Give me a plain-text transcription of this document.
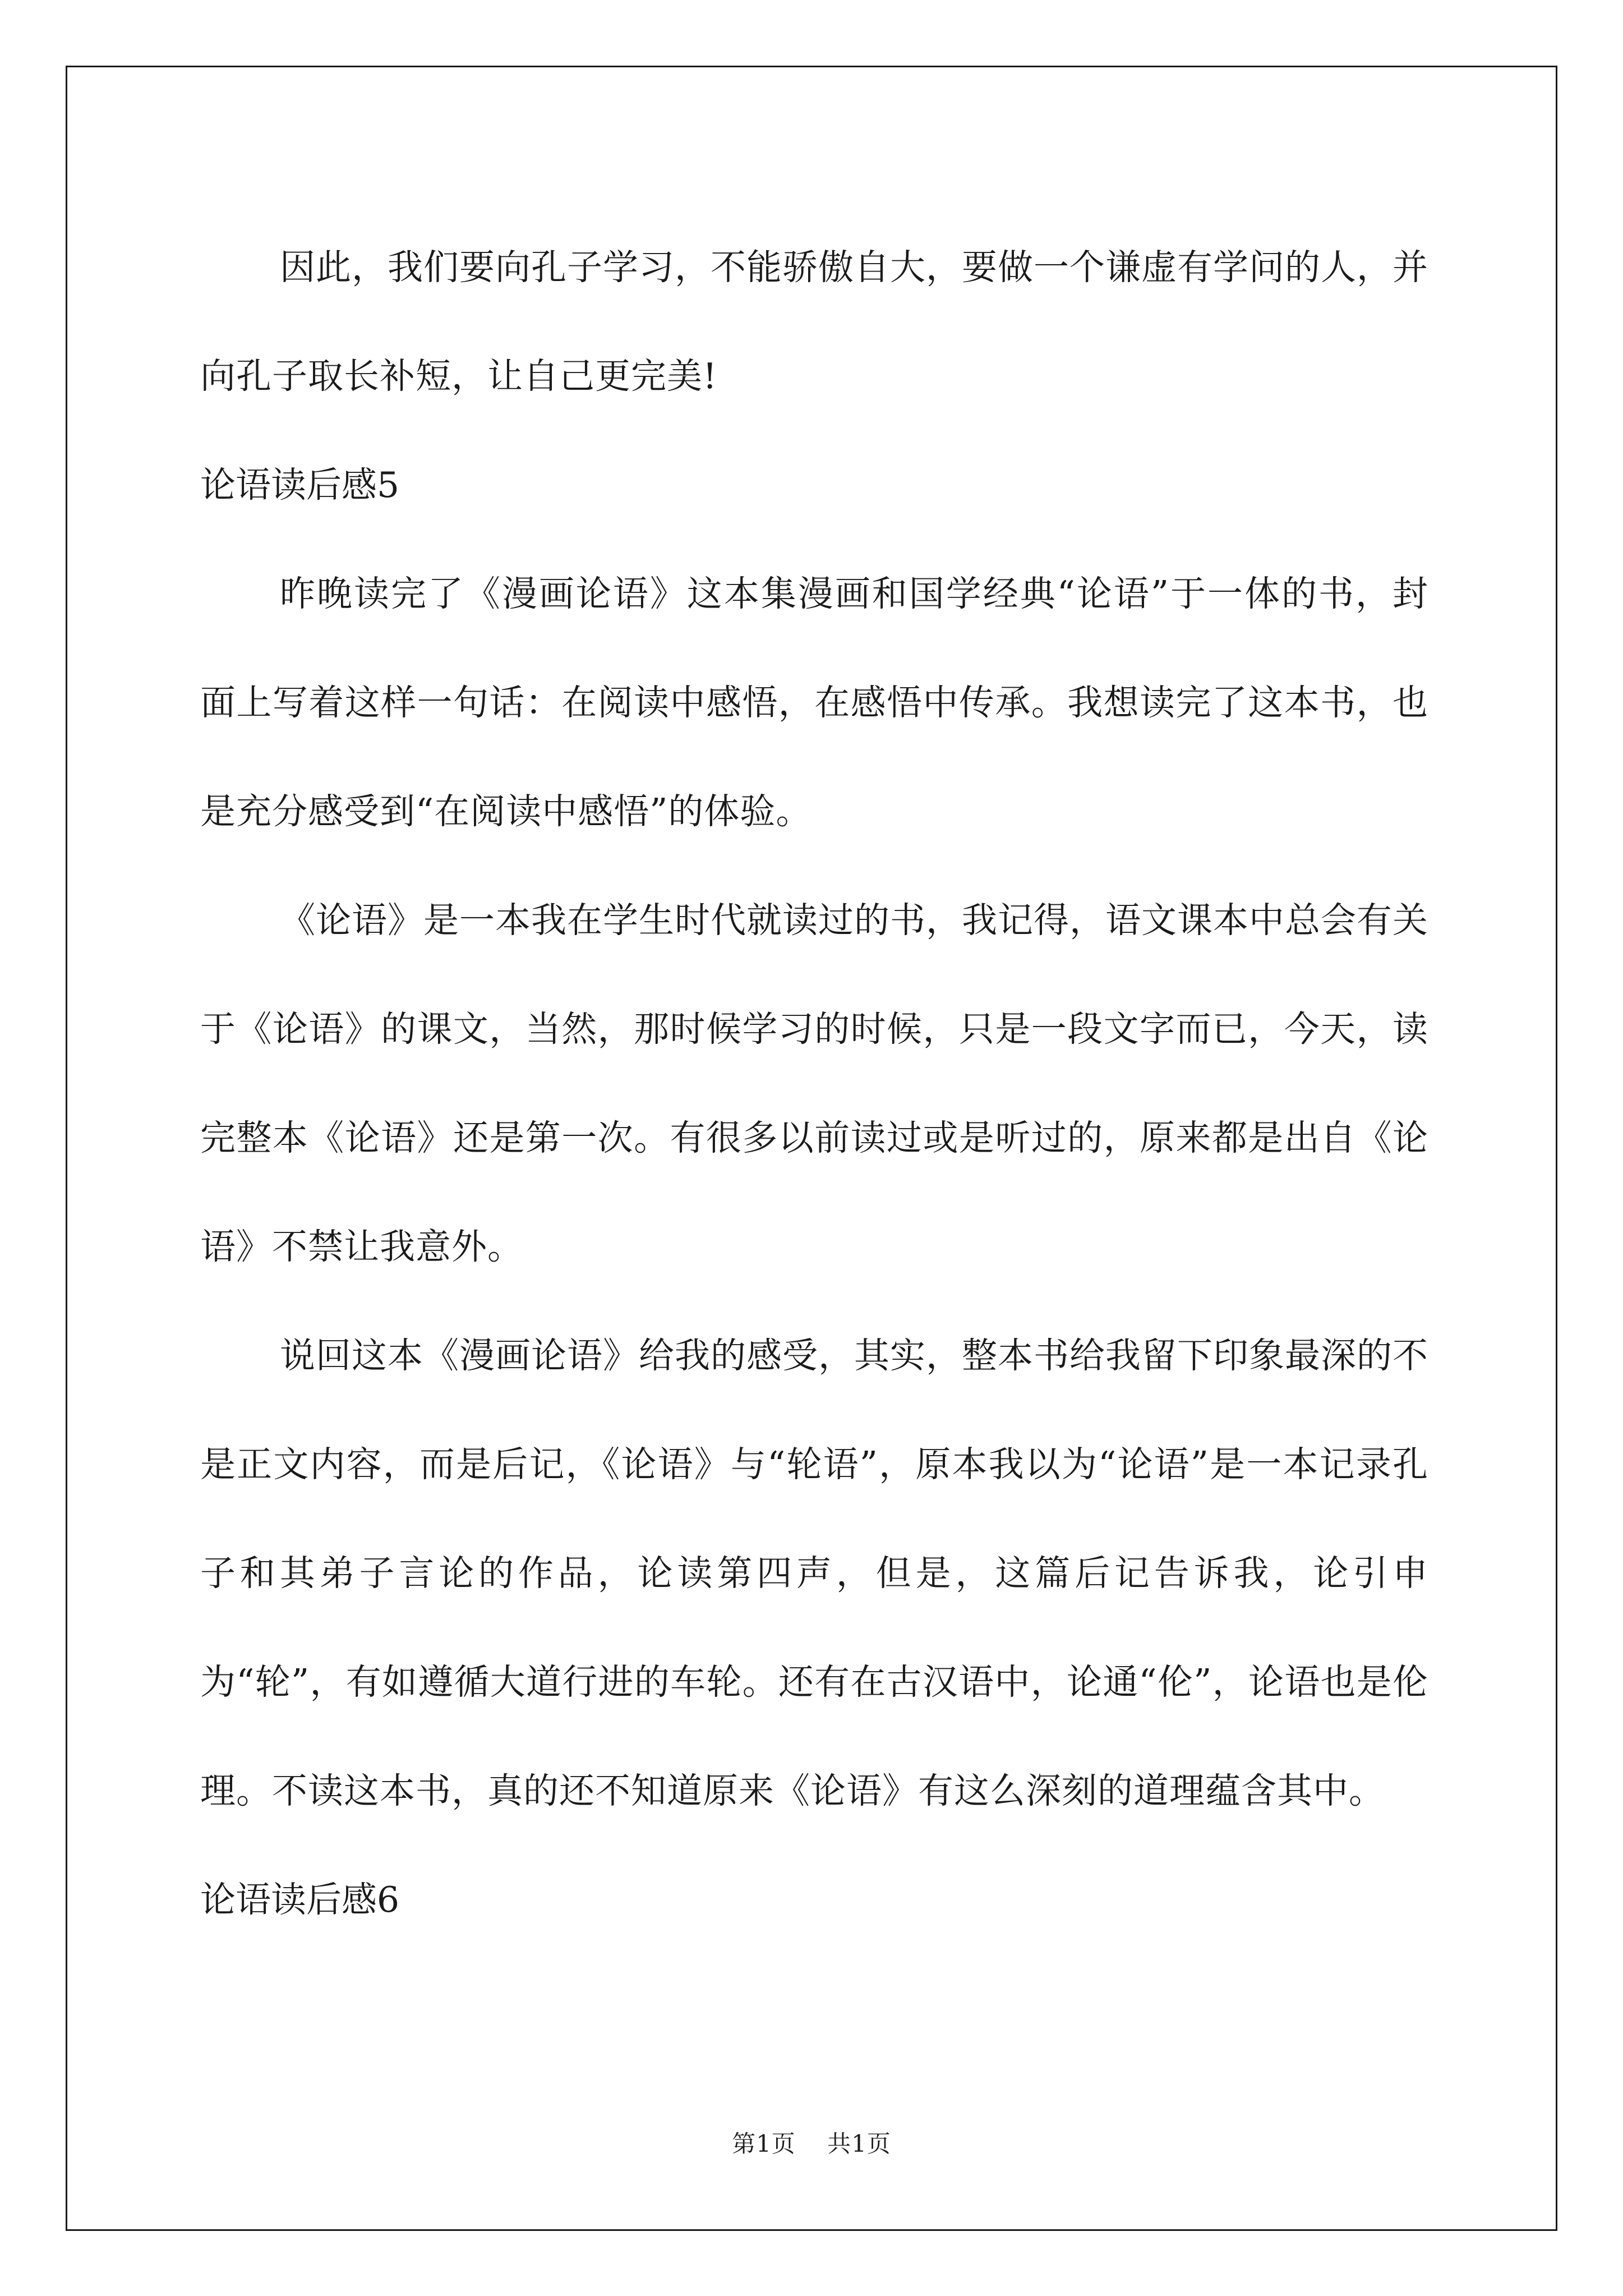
因此，我们要向孔子学习，不能骄傲自大，要做一个谦虚有学问的人，并向孔子取长补短，让自己更完美!

论语读后感5

昨晚读完了《漫画论语》这本集漫画和国学经典“论语”于一体的书，封面上写着这样一句话：在阅读中感悟，在感悟中传承。我想读完了这本书，也是充分感受到“在阅读中感悟”的体验。

《论语》是一本我在学生时代就读过的书，我记得，语文课本中总会有关于《论语》的课文，当然，那时候学习的时候，只是一段文字而已，今天，读完整本《论语》还是第一次。有很多以前读过或是听过的，原来都是出自《论语》不禁让我意外。

说回这本《漫画论语》给我的感受，其实，整本书给我留下印象最深的不是正文内容，而是后记，《论语》与“轮语”，原本我以为“论语”是一本记录孔子和其弟子言论的作品，论读第四声，但是，这篇后记告诉我，论引申为“轮”，有如遵循大道行进的车轮。还有在古汉语中，论通“伦”，论语也是伦理。不读这本书，真的还不知道原来《论语》有这么深刻的道理蕴含其中。

论语读后感6

第1页 共1页
